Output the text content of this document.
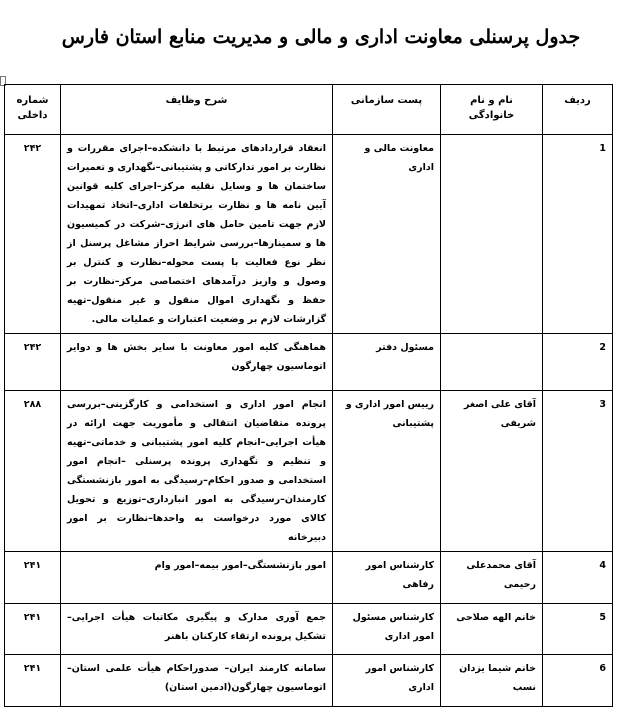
جدول پرسنلی معاونت اداری و مالی و مدیریت منابع استان فارس
ردیف	نام و نام خانوادگی	پست سازمانی	شرح وظایف	شماره داخلی
1		معاونت مالی و اداری	انعقاد قراردادهای مرتبط با دانشکده–اجرای مقررات و نظارت بر امور تدارکاتی و پشتیبانی–نگهداری و تعمیرات ساختمان ها و وسایل نقلیه مرکز–اجرای کلیه قوانین آیین نامه ها و نظارت برتخلفات اداری–اتخاذ تمهیدات لازم جهت تامین حامل های انرژی–شرکت در کمیسیون ها و سمینارها–بررسی شرایط احراز مشاغل پرسنل از نظر نوع فعالیت با پست محوله–نظارت و کنترل بر وصول و واریز درآمدهای اختصاصی مرکز–نظارت بر حفظ و نگهداری اموال منقول و غیر منقول–تهیه گزارشات لازم بر وضعیت اعتبارات و عملیات مالی.	۲۴۲
2		مسئول دفتر	هماهنگی کلیه امور معاونت با سایر بخش ها و دوایر اتوماسیون چهارگون	۲۴۲
3	آقای علی اصغر شریفی	رییس امور اداری و پشتیبانی	انجام امور اداری و استخدامی و کارگزینی–بررسی پرونده متقاضیان انتقالی و مأموریت جهت ارائه در هیأت اجرایی–انجام کلیه امور پشتیبانی و خدماتی–تهیه و تنظیم و نگهداری پرونده پرسنلی –انجام امور استخدامی و صدور احکام–رسیدگی به امور بازنشستگی کارمندان–رسیدگی به امور انبارداری–توزیع و تحویل کالای مورد درخواست به واحدها–نظارت بر امور دبیرخانه	۲۸۸
4	آقای محمدعلی رحیمی	کارشناس امور رفاهی	امور بازنشستگی–امور بیمه–امور وام	۲۴۱
5	خانم الهه صلاحی	کارشناس مسئول امور اداری	جمع آوری مدارک و پیگیری مکاتبات هیأت اجرایی–تشکیل پرونده ارتقاء کارکنان باهنر	۲۴۱
6	خانم شیما یزدان نسب	کارشناس امور اداری	سامانه کارمند ایران– صدوراحکام هیأت علمی استان–اتوماسیون چهارگون(ادمین استان)	۲۴۱
